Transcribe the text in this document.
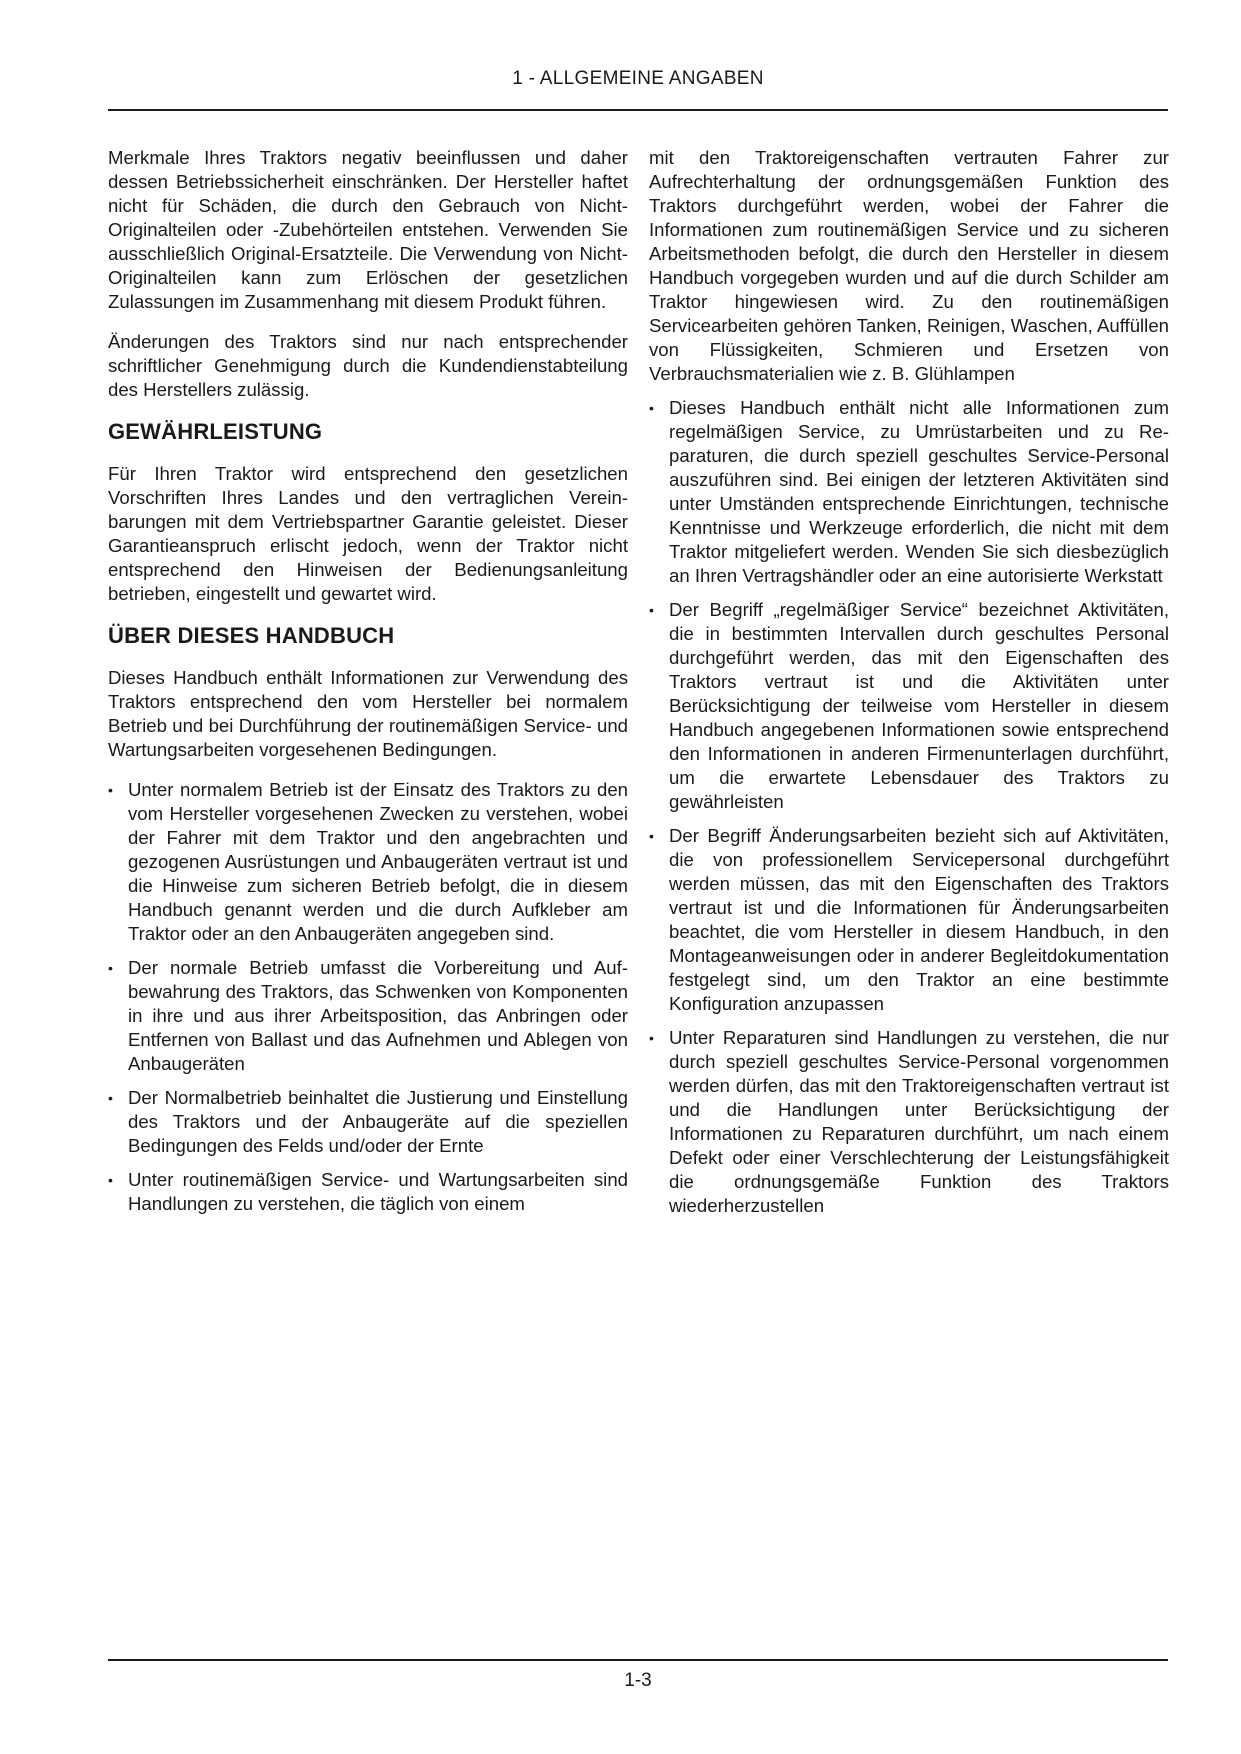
1 - ALLGEMEINE ANGABEN

Merkmale Ihres Traktors negativ beeinflussen und daher dessen Betriebssicherheit einschränken. Der Hersteller haftet nicht für Schäden, die durch den Gebrauch von Nicht-Originalteilen oder -Zubehörteilen entstehen. Verwenden Sie ausschließlich Original-Ersatzteile. Die Verwendung von Nicht-Originalteilen kann zum Erlöschen der gesetzlichen Zulassungen im Zusammenhang mit diesem Produkt führen.

Änderungen des Traktors sind nur nach entsprechender schriftlicher Genehmigung durch die Kundendienstabteilung des Herstellers zulässig.

GEWÄHRLEISTUNG

Für Ihren Traktor wird entsprechend den gesetzlichen Vorschriften Ihres Landes und den vertraglichen Vereinbarungen mit dem Vertriebspartner Garantie geleistet. Dieser Garantieanspruch erlischt jedoch, wenn der Traktor nicht entsprechend den Hinweisen der Bedienungsanleitung betrieben, eingestellt und gewartet wird.

ÜBER DIESES HANDBUCH

Dieses Handbuch enthält Informationen zur Verwendung des Traktors entsprechend den vom Hersteller bei normalem Betrieb und bei Durchführung der routinemäßigen Service- und Wartungsarbeiten vorgesehenen Bedingungen.

• Unter normalem Betrieb ist der Einsatz des Traktors zu den vom Hersteller vorgesehenen Zwecken zu verstehen, wobei der Fahrer mit dem Traktor und den angebrachten und gezogenen Ausrüstungen und Anbaugeräten vertraut ist und die Hinweise zum sicheren Betrieb befolgt, die in diesem Handbuch genannt werden und die durch Aufkleber am Traktor oder an den Anbaugeräten angegeben sind.
• Der normale Betrieb umfasst die Vorbereitung und Aufbewahrung des Traktors, das Schwenken von Komponenten in ihre und aus ihrer Arbeitsposition, das Anbringen oder Entfernen von Ballast und das Aufnehmen und Ablegen von Anbaugeräten
• Der Normalbetrieb beinhaltet die Justierung und Einstellung des Traktors und der Anbaugeräte auf die speziellen Bedingungen des Felds und/oder der Ernte
• Unter routinemäßigen Service- und Wartungsarbeiten sind Handlungen zu verstehen, die täglich von einem

mit den Traktoreigenschaften vertrauten Fahrer zur Aufrechterhaltung der ordnungsgemäßen Funktion des Traktors durchgeführt werden, wobei der Fahrer die Informationen zum routinemäßigen Service und zu sicheren Arbeitsmethoden befolgt, die durch den Hersteller in diesem Handbuch vorgegeben wurden und auf die durch Schilder am Traktor hingewiesen wird. Zu den routinemäßigen Servicearbeiten gehören Tanken, Reinigen, Waschen, Auffüllen von Flüssigkeiten, Schmieren und Ersetzen von Verbrauchsmaterialien wie z. B. Glühlampen

• Dieses Handbuch enthält nicht alle Informationen zum regelmäßigen Service, zu Umrüstarbeiten und zu Reparaturen, die durch speziell geschultes Service-Personal auszuführen sind. Bei einigen der letzteren Aktivitäten sind unter Umständen entsprechende Einrichtungen, technische Kenntnisse und Werkzeuge erforderlich, die nicht mit dem Traktor mitgeliefert werden. Wenden Sie sich diesbezüglich an Ihren Vertragshändler oder an eine autorisierte Werkstatt
• Der Begriff „regelmäßiger Service“ bezeichnet Aktivitäten, die in bestimmten Intervallen durch geschultes Personal durchgeführt werden, das mit den Eigenschaften des Traktors vertraut ist und die Aktivitäten unter Berücksichtigung der teilweise vom Hersteller in diesem Handbuch angegebenen Informationen sowie entsprechend den Informationen in anderen Firmenunterlagen durchführt, um die erwartete Lebensdauer des Traktors zu gewährleisten
• Der Begriff Änderungsarbeiten bezieht sich auf Aktivitäten, die von professionellem Servicepersonal durchgeführt werden müssen, das mit den Eigenschaften des Traktors vertraut ist und die Informationen für Änderungsarbeiten beachtet, die vom Hersteller in diesem Handbuch, in den Montageanweisungen oder in anderer Begleitdokumentation festgelegt sind, um den Traktor an eine bestimmte Konfiguration anzupassen
• Unter Reparaturen sind Handlungen zu verstehen, die nur durch speziell geschultes Service-Personal vorgenommen werden dürfen, das mit den Traktoreigenschaften vertraut ist und die Handlungen unter Berücksichtigung der Informationen zu Reparaturen durchführt, um nach einem Defekt oder einer Verschlechterung der Leistungsfähigkeit die ordnungsgemäße Funktion des Traktors wiederherzustellen
1-3
